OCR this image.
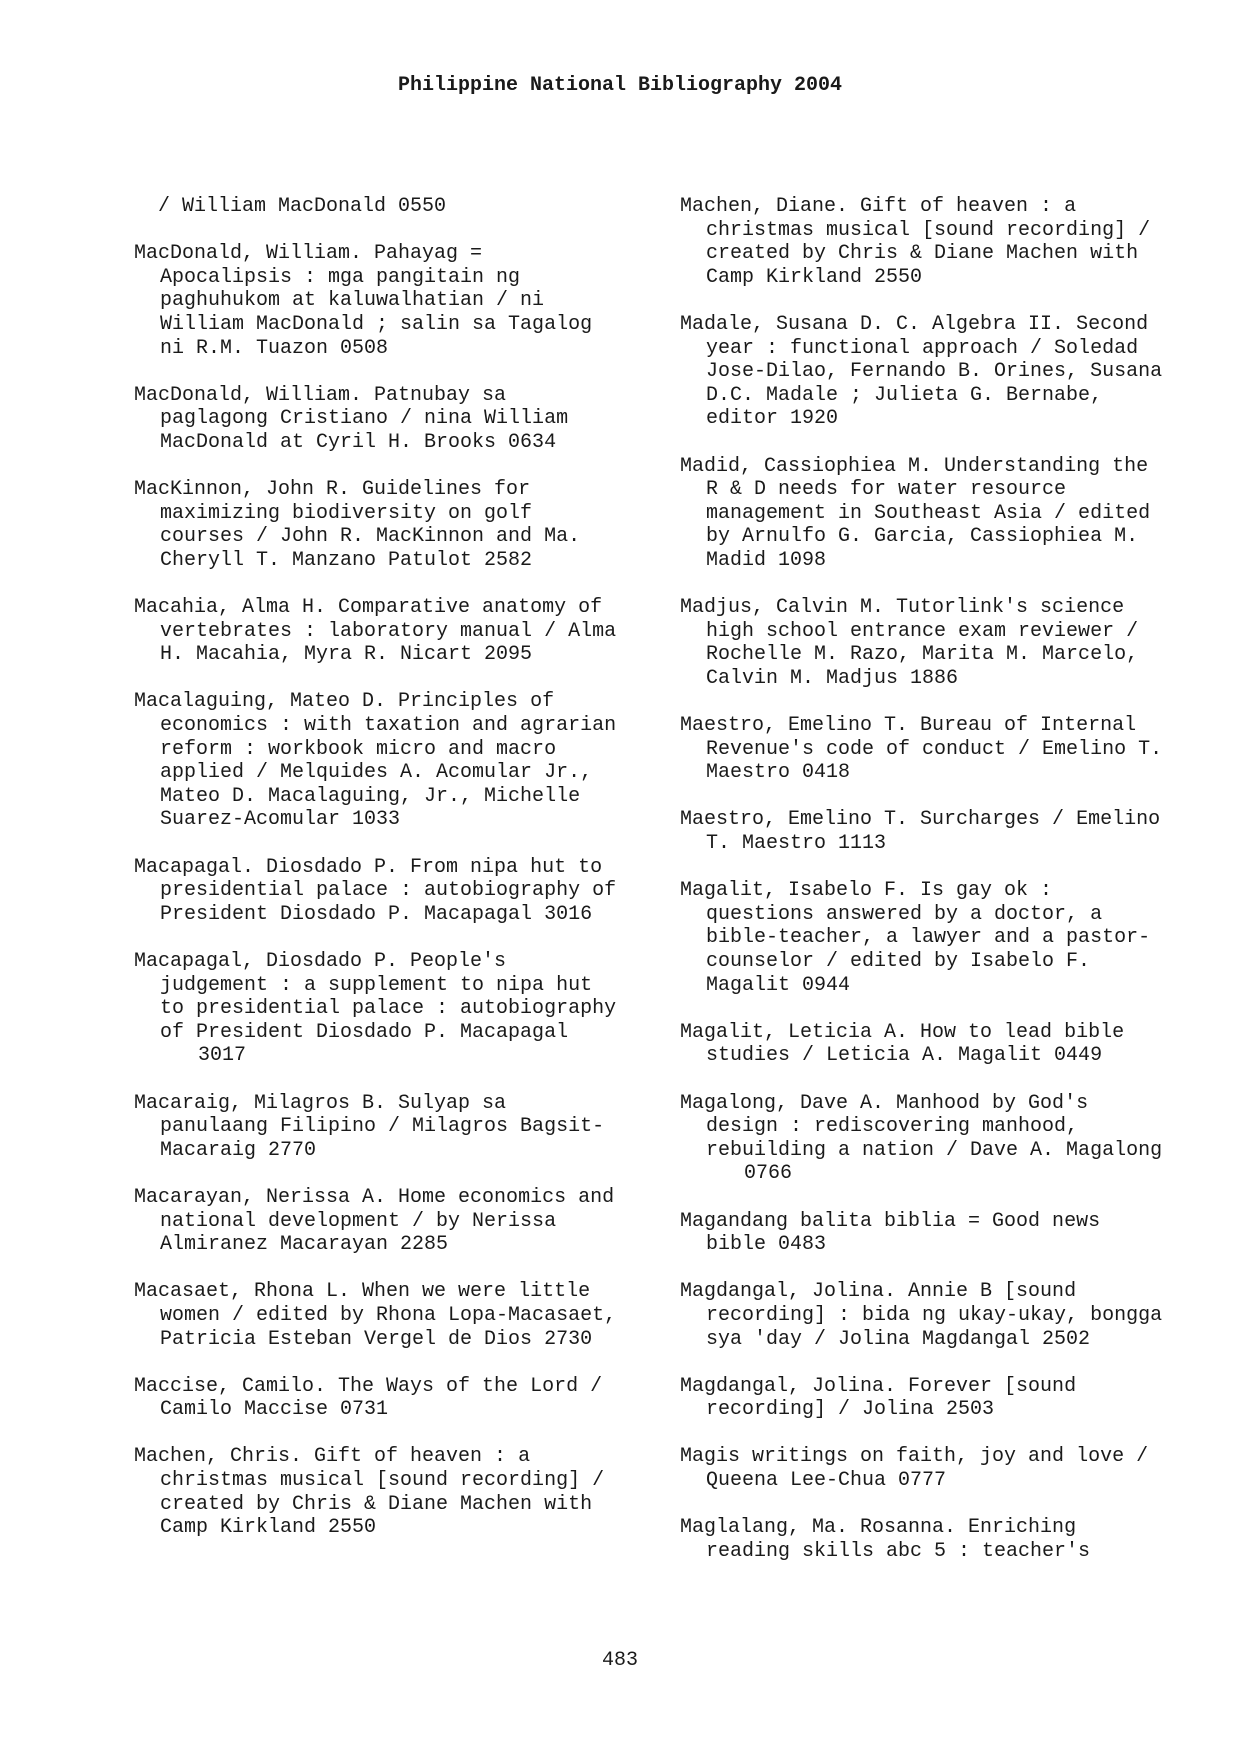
Philippine National Bibliography 2004
/ William MacDonald 0550
MacDonald, William. Pahayag =
Apocalipsis : mga pangitain ng
paghuhukom at kaluwalhatian / ni
William MacDonald ; salin sa Tagalog
ni R.M. Tuazon 0508
MacDonald, William. Patnubay sa
paglagong Cristiano / nina William
MacDonald at Cyril H. Brooks 0634
MacKinnon, John R. Guidelines for
maximizing biodiversity on golf
courses / John R. MacKinnon and Ma.
Cheryll T. Manzano Patulot 2582
Macahia, Alma H. Comparative anatomy of
vertebrates : laboratory manual / Alma
H. Macahia, Myra R. Nicart 2095
Macalaguing, Mateo D. Principles of
economics : with taxation and agrarian
reform : workbook micro and macro
applied / Melquides A. Acomular Jr.,
Mateo D. Macalaguing, Jr., Michelle
Suarez-Acomular 1033
Macapagal. Diosdado P. From nipa hut to
presidential palace : autobiography of
President Diosdado P. Macapagal 3016
Macapagal, Diosdado P. People's
judgement : a supplement to nipa hut
to presidential palace : autobiography
of President Diosdado P. Macapagal
3017
Macaraig, Milagros B. Sulyap sa
panulaang Filipino / Milagros Bagsit-
Macaraig 2770
Macarayan, Nerissa A. Home economics and
national development / by Nerissa
Almiranez Macarayan 2285
Macasaet, Rhona L. When we were little
women / edited by Rhona Lopa-Macasaet,
Patricia Esteban Vergel de Dios 2730
Maccise, Camilo. The Ways of the Lord /
Camilo Maccise 0731
Machen, Chris. Gift of heaven : a
christmas musical [sound recording] /
created by Chris & Diane Machen with
Camp Kirkland 2550
Machen, Diane. Gift of heaven : a
christmas musical [sound recording] /
created by Chris & Diane Machen with
Camp Kirkland 2550
Madale, Susana D. C. Algebra II. Second
year : functional approach / Soledad
Jose-Dilao, Fernando B. Orines, Susana
D.C. Madale ; Julieta G. Bernabe,
editor 1920
Madid, Cassiophiea M. Understanding the
R & D needs for water resource
management in Southeast Asia / edited
by Arnulfo G. Garcia, Cassiophiea M.
Madid 1098
Madjus, Calvin M. Tutorlink's science
high school entrance exam reviewer /
Rochelle M. Razo, Marita M. Marcelo,
Calvin M. Madjus 1886
Maestro, Emelino T. Bureau of Internal
Revenue's code of conduct / Emelino T.
Maestro 0418
Maestro, Emelino T. Surcharges / Emelino
T. Maestro 1113
Magalit, Isabelo F. Is gay ok :
questions answered by a doctor, a
bible-teacher, a lawyer and a pastor-
counselor / edited by Isabelo F.
Magalit 0944
Magalit, Leticia A. How to lead bible
studies / Leticia A. Magalit 0449
Magalong, Dave A. Manhood by God's
design : rediscovering manhood,
rebuilding a nation / Dave A. Magalong
0766
Magandang balita biblia = Good news
bible 0483
Magdangal, Jolina. Annie B [sound
recording] : bida ng ukay-ukay, bongga
sya 'day / Jolina Magdangal 2502
Magdangal, Jolina. Forever [sound
recording] / Jolina 2503
Magis writings on faith, joy and love /
Queena Lee-Chua 0777
Maglalang, Ma. Rosanna. Enriching
reading skills abc 5 : teacher's
483
